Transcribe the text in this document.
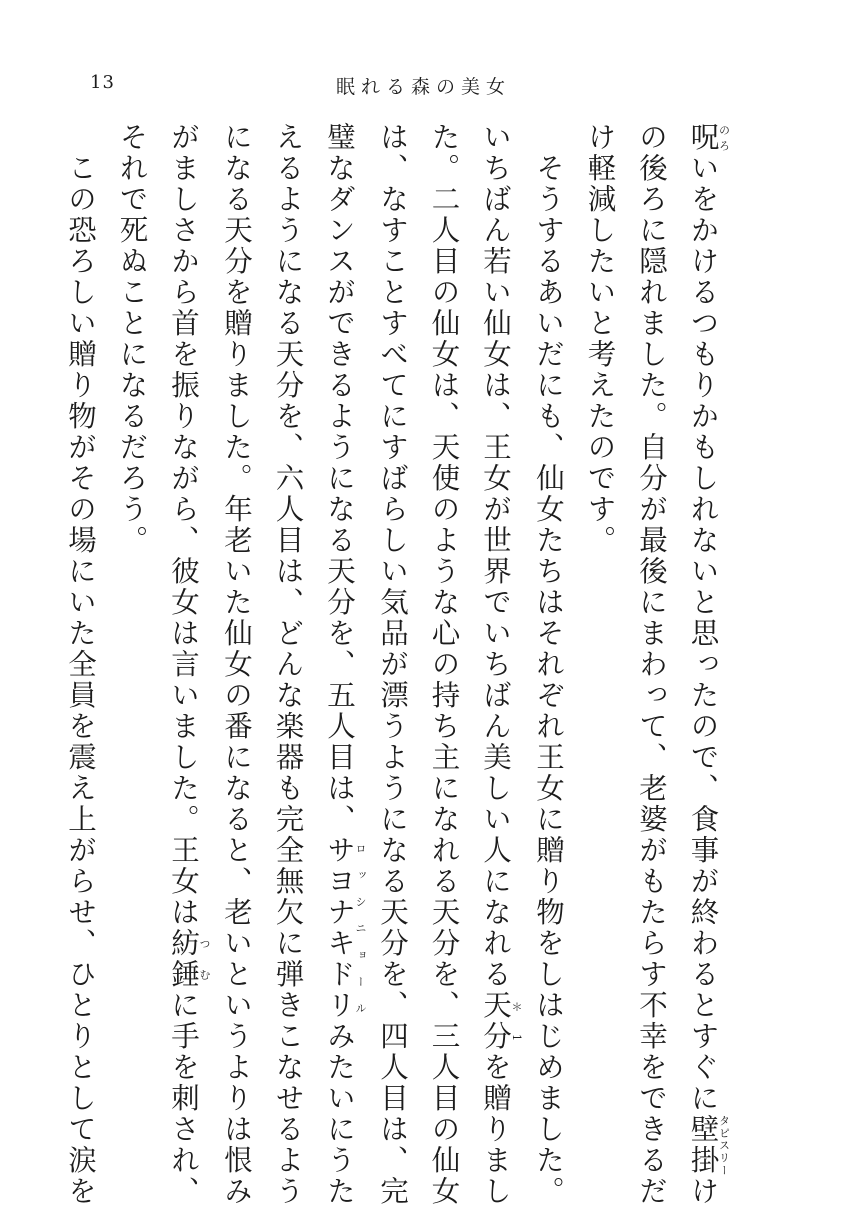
13	眠れる森の美女
呪のろいをかけるつもりかもしれないと思ったので、食事が終わるとすぐに壁掛タピスリーけ
の後ろに隠れました。自分が最後にまわって、老婆がもたらす不幸をできるだ
け軽減したいと考えたのです。
　そうするあいだにも、仙女たちはそれぞれ王女に贈り物をしはじめました。
いちばん若い仙女は、王女が世界でいちばん美しい人になれる天分＊1を贈りまし
た。二人目の仙女は、天使のような心の持ち主になれる天分を、三人目の仙女
は、なすことすべてにすばらしい気品が漂うようになる天分を、四人目は、完
璧なダンスができるようになる天分を、五人目は、サヨナキドリロッシニョールみたいにうた
えるようになる天分を、六人目は、どんな楽器も完全無欠に弾きこなせるよう
になる天分を贈りました。年老いた仙女の番になると、老いというよりは恨み
がましさから首を振りながら、彼女は言いました。王女は紡錘つむに手を刺され、
それで死ぬことになるだろう。
　この恐ろしい贈り物がその場にいた全員を震え上がらせ、ひとりとして涙を
